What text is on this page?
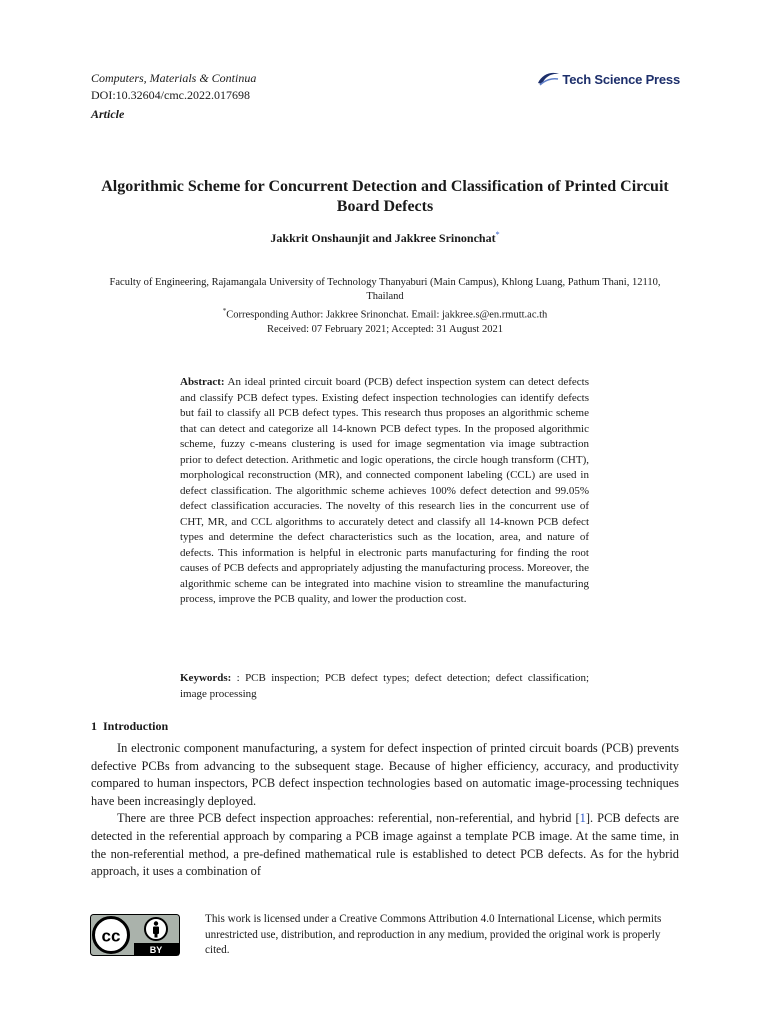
Computers, Materials & Continua
DOI:10.32604/cmc.2022.017698
Article
Tech Science Press
Algorithmic Scheme for Concurrent Detection and Classification of Printed Circuit Board Defects
Jakkrit Onshaunjit and Jakkree Srinonchat*

Faculty of Engineering, Rajamangala University of Technology Thanyaburi (Main Campus), Khlong Luang, Pathum Thani, 12110, Thailand

*Corresponding Author: Jakkree Srinonchat. Email: jakkree.s@en.rmutt.ac.th

Received: 07 February 2021; Accepted: 31 August 2021

Abstract: An ideal printed circuit board (PCB) defect inspection system can detect defects and classify PCB defect types. Existing defect inspection technologies can identify defects but fail to classify all PCB defect types. This research thus proposes an algorithmic scheme that can detect and categorize all 14-known PCB defect types. In the proposed algorithmic scheme, fuzzy c-means clustering is used for image segmentation via image subtraction prior to defect detection. Arithmetic and logic operations, the circle hough transform (CHT), morphological reconstruction (MR), and connected component labeling (CCL) are used in defect classification. The algorithmic scheme achieves 100% defect detection and 99.05% defect classification accuracies. The novelty of this research lies in the concurrent use of CHT, MR, and CCL algorithms to accurately detect and classify all 14-known PCB defect types and determine the defect characteristics such as the location, area, and nature of defects. This information is helpful in electronic parts manufacturing for finding the root causes of PCB defects and appropriately adjusting the manufacturing process. Moreover, the algorithmic scheme can be integrated into machine vision to streamline the manufacturing process, improve the PCB quality, and lower the production cost.
Keywords: : PCB inspection; PCB defect types; defect detection; defect classification; image processing
1 Introduction

In electronic component manufacturing, a system for defect inspection of printed circuit boards (PCB) prevents defective PCBs from advancing to the subsequent stage. Because of higher efficiency, accuracy, and productivity compared to human inspectors, PCB defect inspection technologies based on automatic image-processing techniques have been increasingly deployed.

There are three PCB defect inspection approaches: referential, non-referential, and hybrid [1]. PCB defects are detected in the referential approach by comparing a PCB image against a template PCB image. At the same time, in the non-referential method, a pre-defined mathematical rule is established to detect PCB defects. As for the hybrid approach, it uses a combination of

cc
BY
This work is licensed under a Creative Commons Attribution 4.0 International License, which permits unrestricted use, distribution, and reproduction in any medium, provided the original work is properly cited.
